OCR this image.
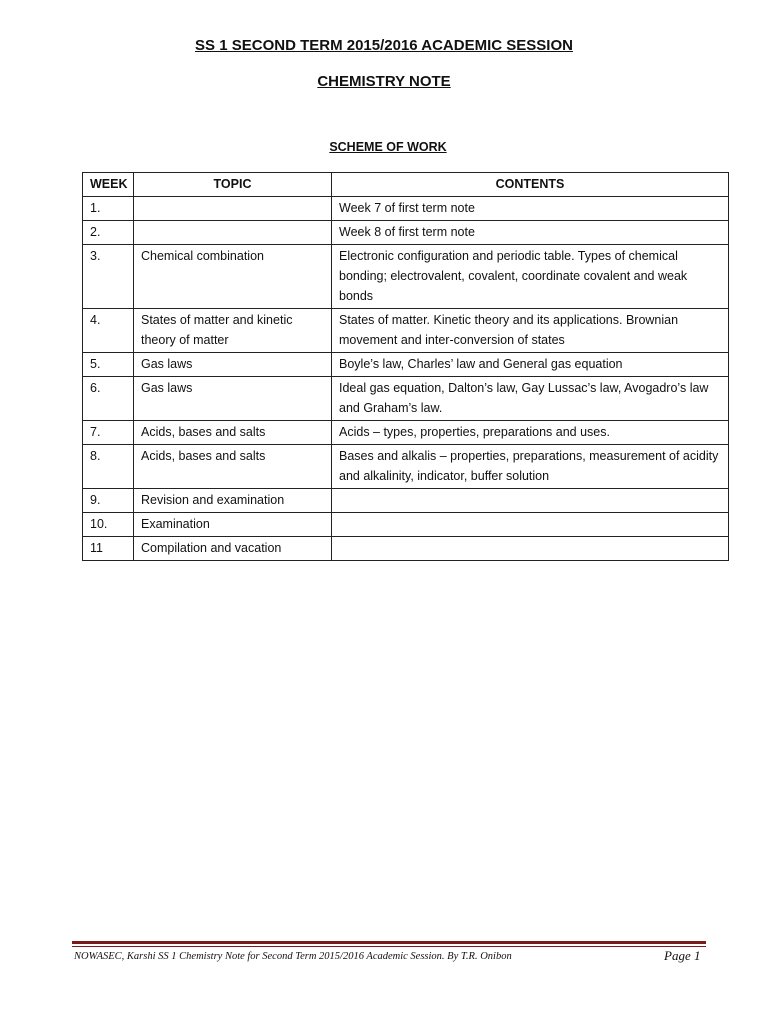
SS 1 SECOND TERM 2015/2016 ACADEMIC SESSION
CHEMISTRY NOTE
SCHEME OF WORK
WEEK	TOPIC	CONTENTS
1.		Week 7 of first term note
2.		Week 8 of first term note
3.	Chemical combination	Electronic configuration and periodic table. Types of chemical bonding; electrovalent, covalent, coordinate covalent and weak bonds
4.	States of matter and kinetic theory of matter	States of matter. Kinetic theory and its applications. Brownian movement and inter-conversion of states
5.	Gas laws	Boyle’s law, Charles’ law and General gas equation
6.	Gas laws	Ideal gas equation, Dalton’s law, Gay Lussac’s law, Avogadro’s law and Graham’s law.
7.	Acids, bases and salts	Acids – types, properties, preparations and uses.
8.	Acids, bases and salts	Bases and alkalis – properties, preparations, measurement of acidity and alkalinity, indicator, buffer solution
9.	Revision and examination	
10.	Examination	
11	Compilation and vacation	
NOWASEC, Karshi SS 1 Chemistry Note for Second Term 2015/2016 Academic Session. By T.R. Onibon	Page 1
